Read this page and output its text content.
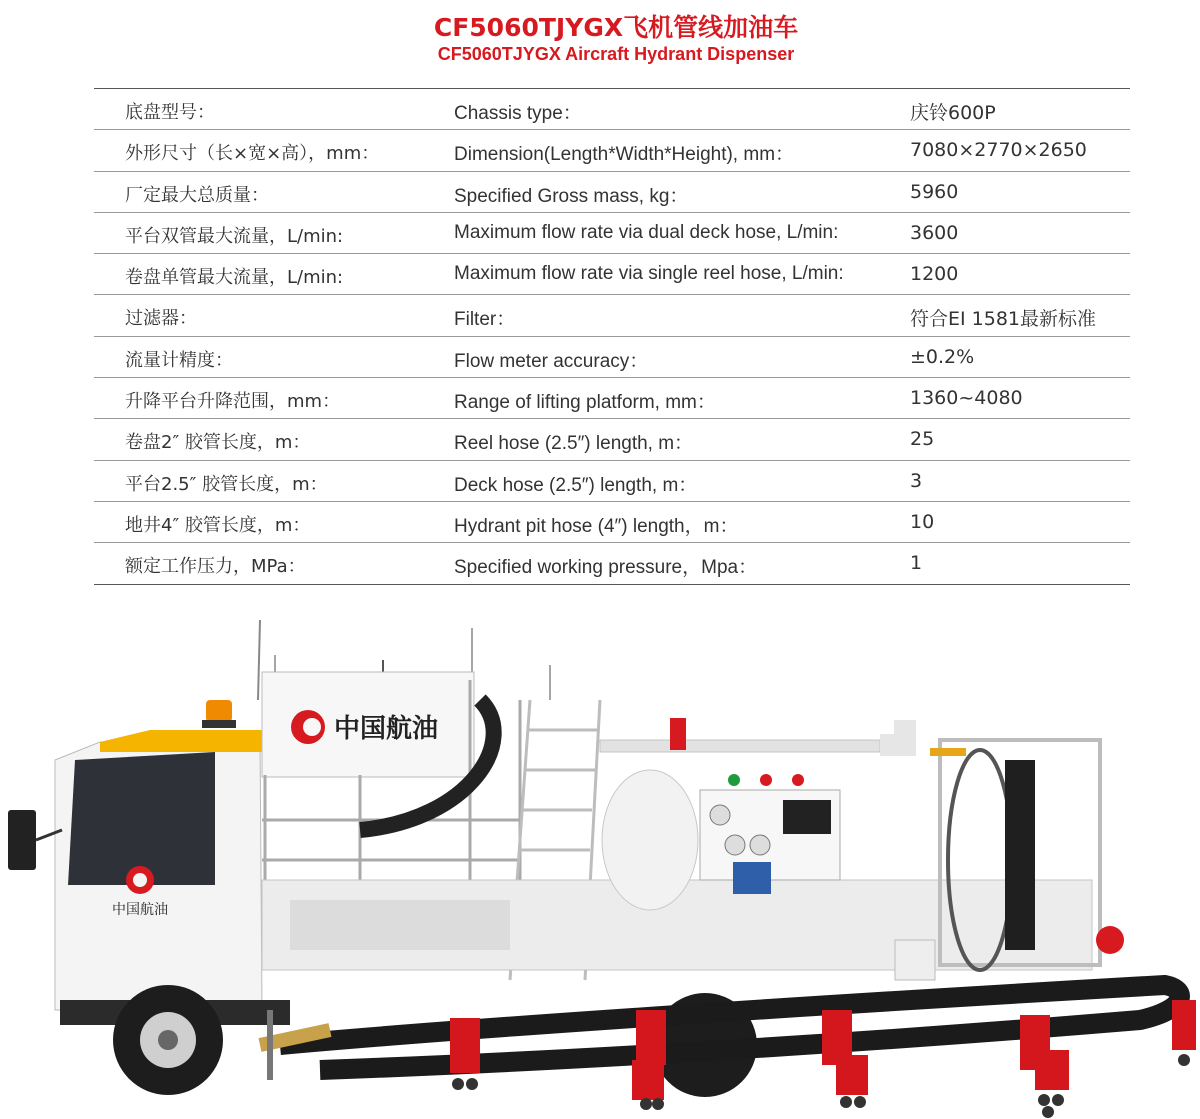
CF5060TJYGX飞机管线加油车
CF5060TJYGX Aircraft Hydrant Dispenser
底盘型号：	Chassis type：	庆铃600P
外形尺寸（长×宽×高），mm：	Dimension(Length*Width*Height), mm：	7080×2770×2650
厂定最大总质量：	Specified Gross mass, kg：	5960
平台双管最大流量，L/min:	Maximum flow rate via dual deck hose, L/min:	3600
卷盘单管最大流量，L/min:	Maximum flow rate via single reel hose, L/min:	1200
过滤器：	Filter：	符合EI 1581最新标准
流量计精度：	Flow meter accuracy：	±0.2%
升降平台升降范围，mm：	Range of lifting platform, mm：	1360~4080
卷盘2″ 胶管长度，m：	Reel hose (2.5″) length, m：	25
平台2.5″ 胶管长度，m：	Deck hose (2.5″) length, m：	3
地井4″ 胶管长度，m：	Hydrant pit hose (4″) length，m：	10
额定工作压力，MPa：	Specified working pressure，Mpa：	1
中国航油
中国航油
